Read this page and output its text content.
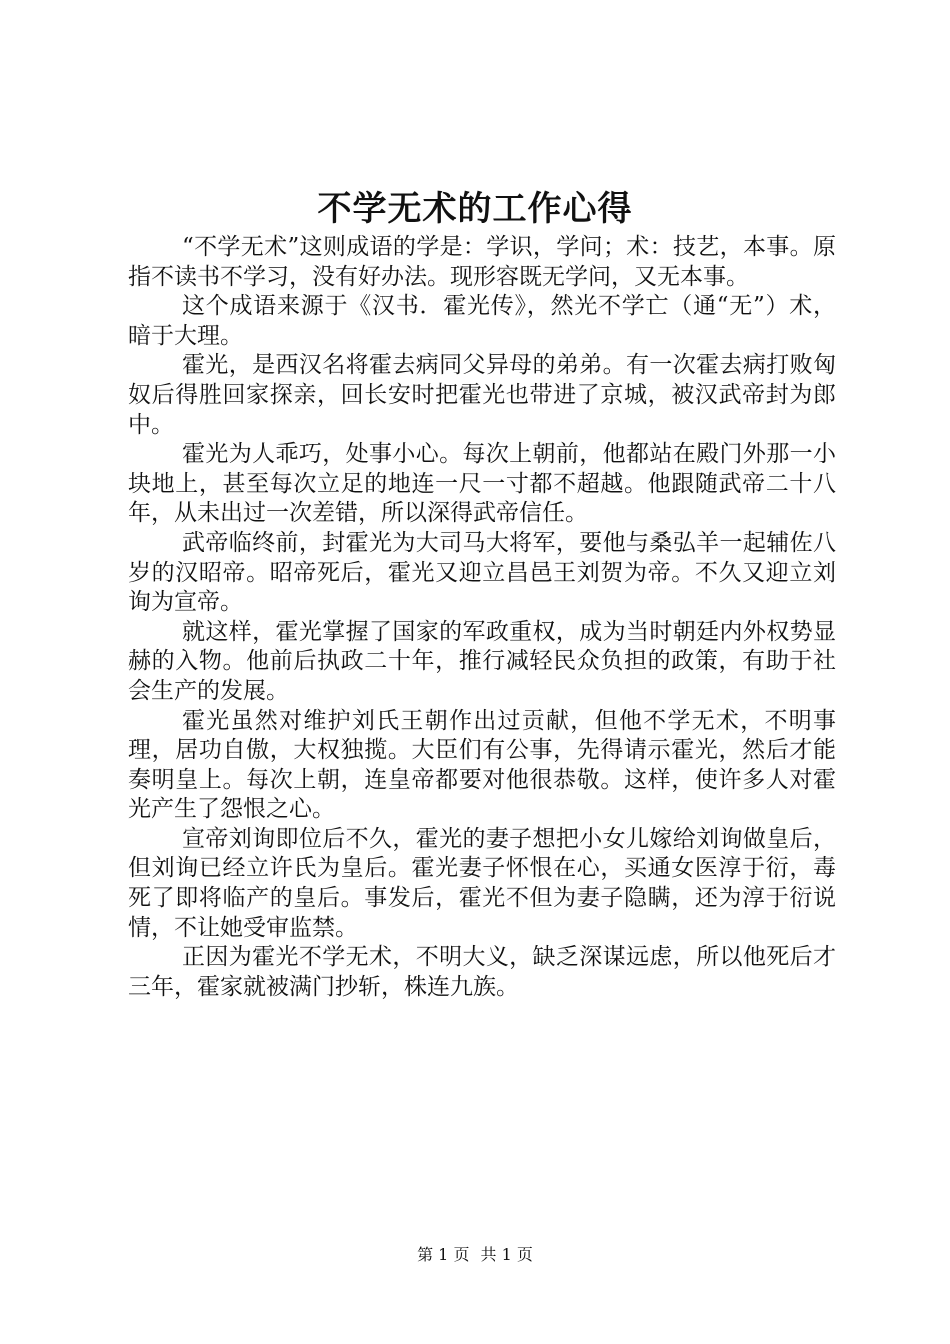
不学无术的工作心得

“不学无术”这则成语的学是：学识，学问；术：技艺，本事。原指不读书不学习，没有好办法。现形容既无学问，又无本事。

这个成语来源于《汉书．霍光传》，然光不学亡（通“无”）术，暗于大理。

霍光，是西汉名将霍去病同父异母的弟弟。有一次霍去病打败匈奴后得胜回家探亲，回长安时把霍光也带进了京城，被汉武帝封为郎中。

霍光为人乖巧，处事小心。每次上朝前，他都站在殿门外那一小块地上，甚至每次立足的地连一尺一寸都不超越。他跟随武帝二十八年，从未出过一次差错，所以深得武帝信任。

武帝临终前，封霍光为大司马大将军，要他与桑弘羊一起辅佐八岁的汉昭帝。昭帝死后，霍光又迎立昌邑王刘贺为帝。不久又迎立刘询为宣帝。

就这样，霍光掌握了国家的军政重权，成为当时朝廷内外权势显赫的入物。他前后执政二十年，推行减轻民众负担的政策，有助于社会生产的发展。

霍光虽然对维护刘氏王朝作出过贡献，但他不学无术，不明事理，居功自傲，大权独揽。大臣们有公事，先得请示霍光，然后才能奏明皇上。每次上朝，连皇帝都要对他很恭敬。这样，使许多人对霍光产生了怨恨之心。

宣帝刘询即位后不久，霍光的妻子想把小女儿嫁给刘询做皇后，但刘询已经立许氏为皇后。霍光妻子怀恨在心，买通女医淳于衍，毒死了即将临产的皇后。事发后，霍光不但为妻子隐瞒，还为淳于衍说情，不让她受审监禁。

正因为霍光不学无术，不明大义，缺乏深谋远虑，所以他死后才三年，霍家就被满门抄斩，株连九族。

第 1 页 共 1 页
